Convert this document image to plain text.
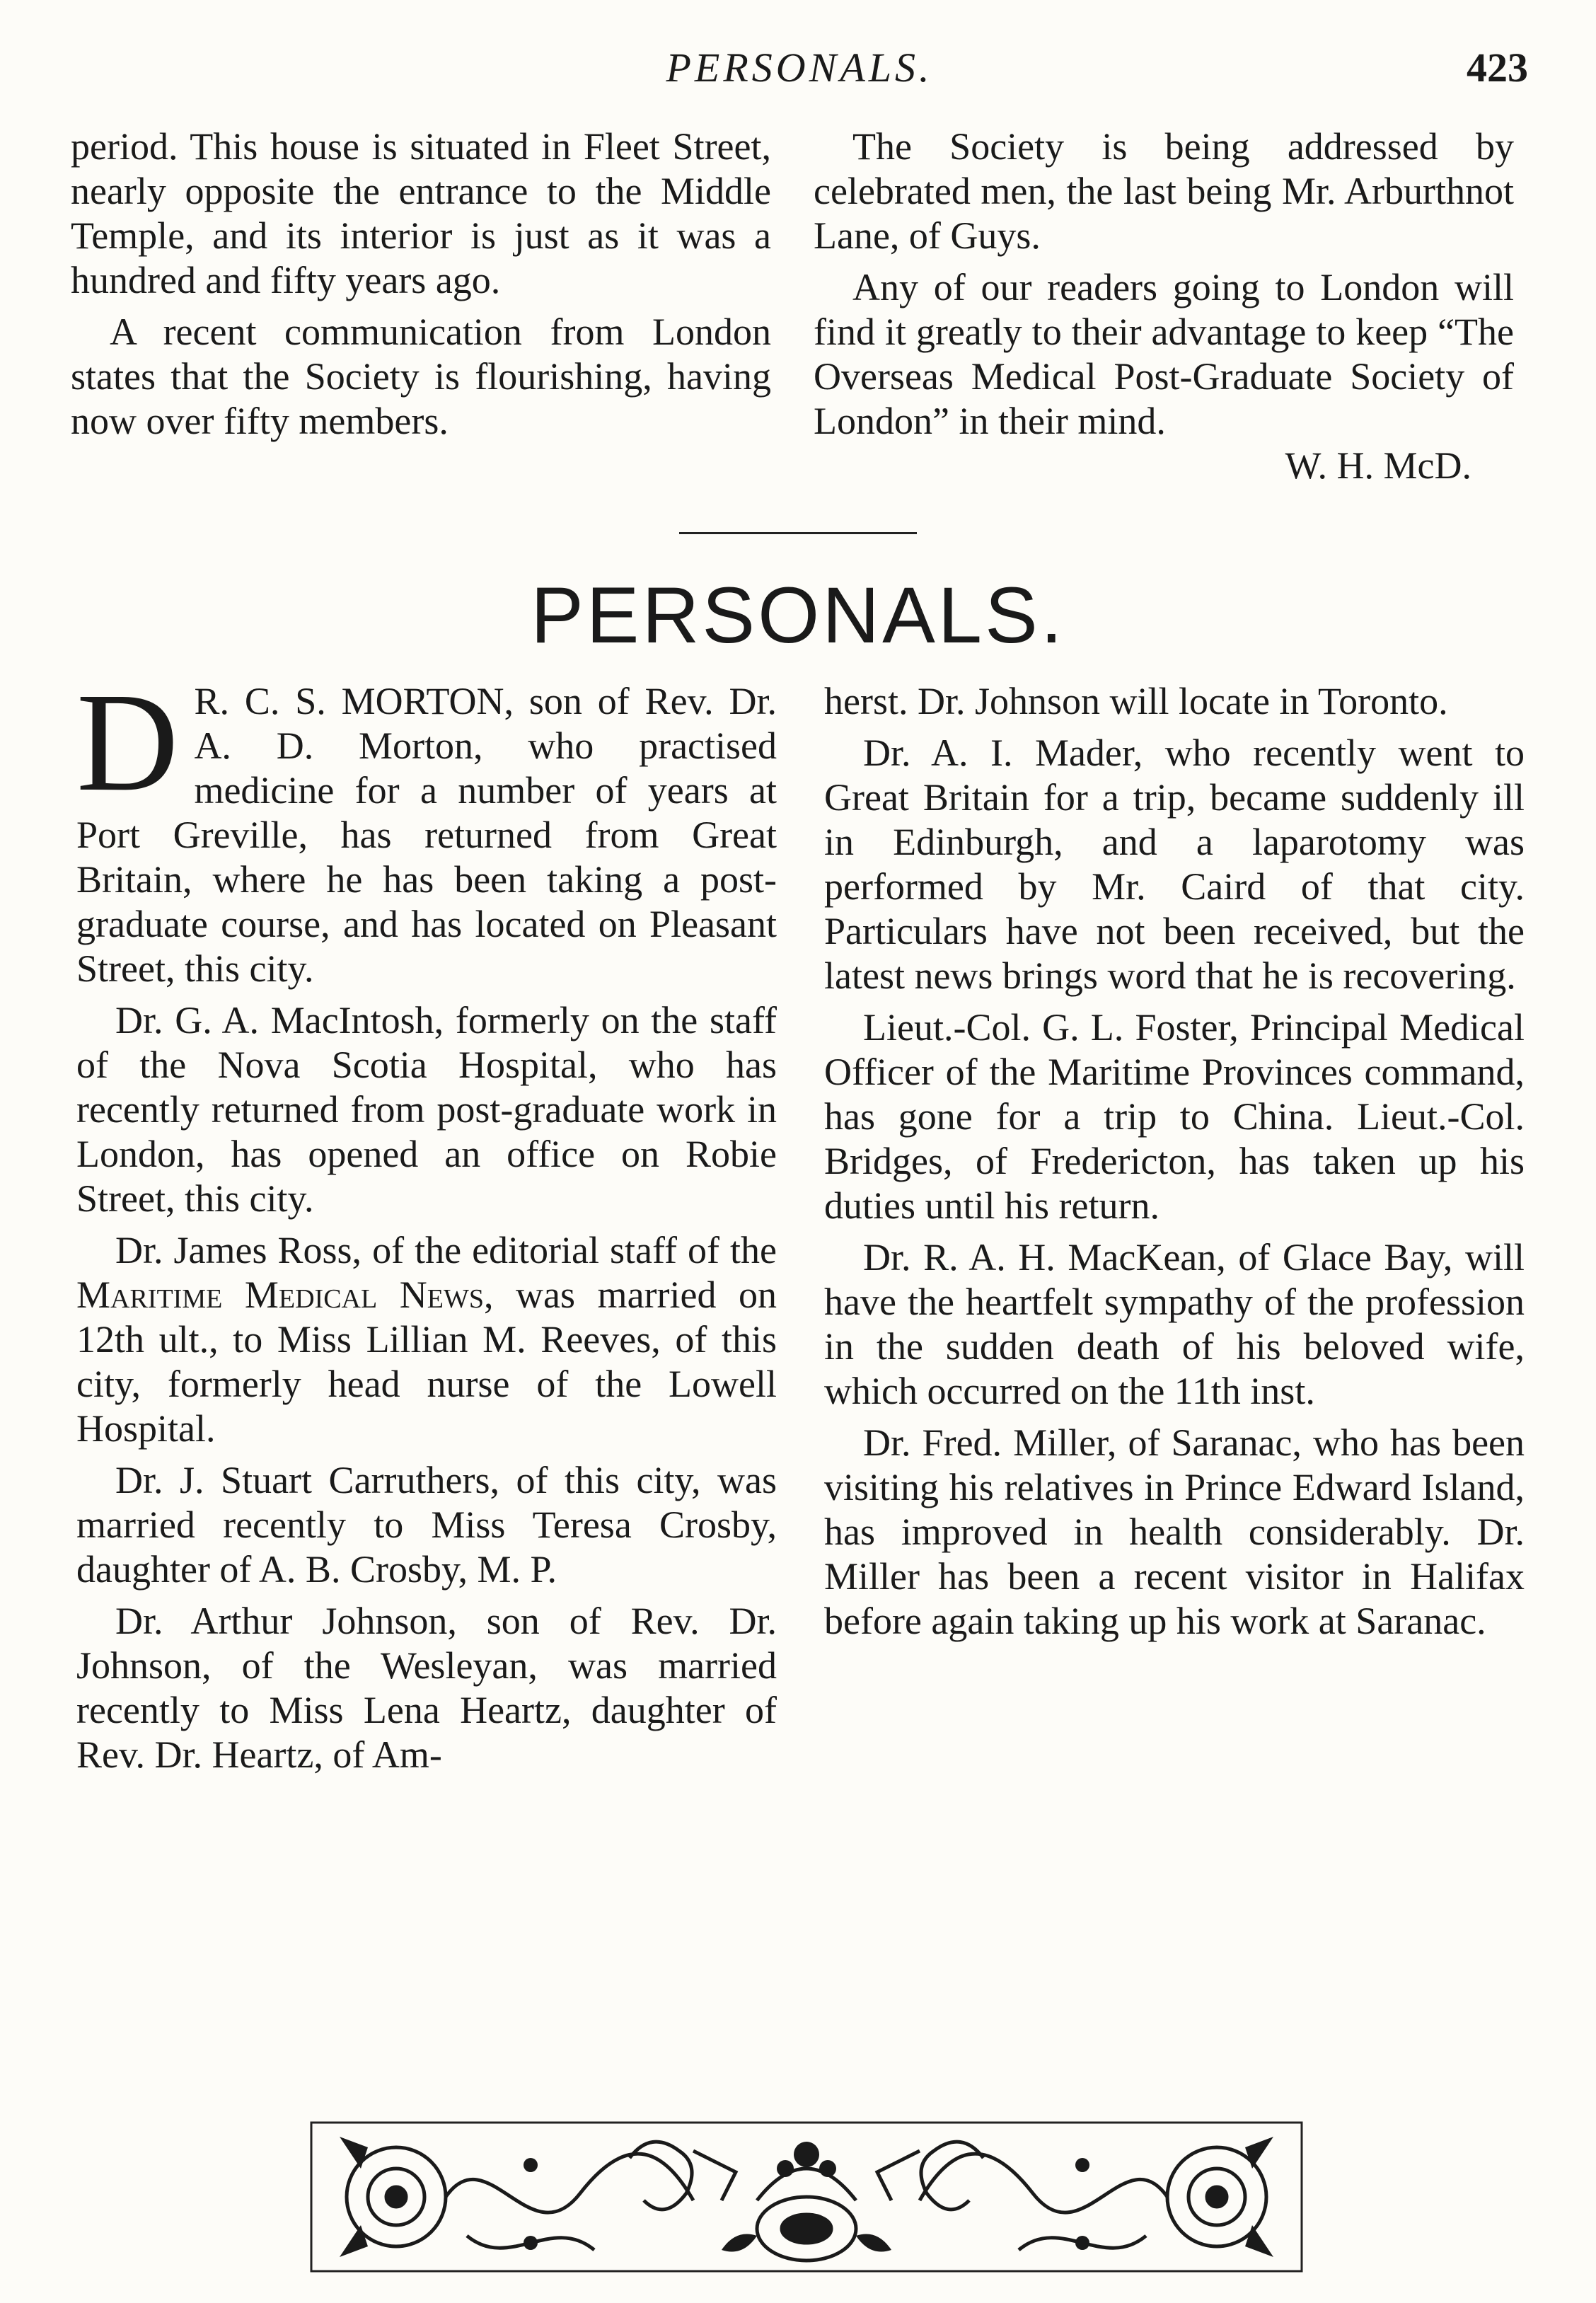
PERSONALS.	423

period. This house is situated in Fleet Street, nearly opposite the entrance to the Middle Temple, and its interior is just as it was a hundred and fifty years ago.

A recent communication from London states that the Society is flourishing, having now over fifty members.

The Society is being addressed by celebrated men, the last being Mr. Arburthnot Lane, of Guys.

Any of our readers going to London will find it greatly to their advantage to keep “The Overseas Medical Post-Graduate Society of London” in their mind.

W. H. McD.
PERSONALS.

D R. C. S. MORTON, son of Rev. Dr. A. D. Morton, who practised medicine for a number of years at Port Greville, has returned from Great Britain, where he has been taking a post-graduate course, and has located on Pleasant Street, this city.

Dr. G. A. MacIntosh, formerly on the staff of the Nova Scotia Hospital, who has recently returned from post-graduate work in London, has opened an office on Robie Street, this city.

Dr. James Ross, of the editorial staff of the Maritime Medical News, was married on 12th ult., to Miss Lillian M. Reeves, of this city, formerly head nurse of the Lowell Hospital.

Dr. J. Stuart Carruthers, of this city, was married recently to Miss Teresa Crosby, daughter of A. B. Crosby, M. P.

Dr. Arthur Johnson, son of Rev. Dr. Johnson, of the Wesleyan, was married recently to Miss Lena Heartz, daughter of Rev. Dr. Heartz, of Am-

herst. Dr. Johnson will locate in Toronto.

Dr. A. I. Mader, who recently went to Great Britain for a trip, became suddenly ill in Edinburgh, and a laparotomy was performed by Mr. Caird of that city. Particulars have not been received, but the latest news brings word that he is recovering.

Lieut.-Col. G. L. Foster, Principal Medical Officer of the Maritime Provinces command, has gone for a trip to China. Lieut.-Col. Bridges, of Fredericton, has taken up his duties until his return.

Dr. R. A. H. MacKean, of Glace Bay, will have the heartfelt sympathy of the profession in the sudden death of his beloved wife, which occurred on the 11th inst.

Dr. Fred. Miller, of Saranac, who has been visiting his relatives in Prince Edward Island, has improved in health considerably. Dr. Miller has been a recent visitor in Halifax before again taking up his work at Saranac.
